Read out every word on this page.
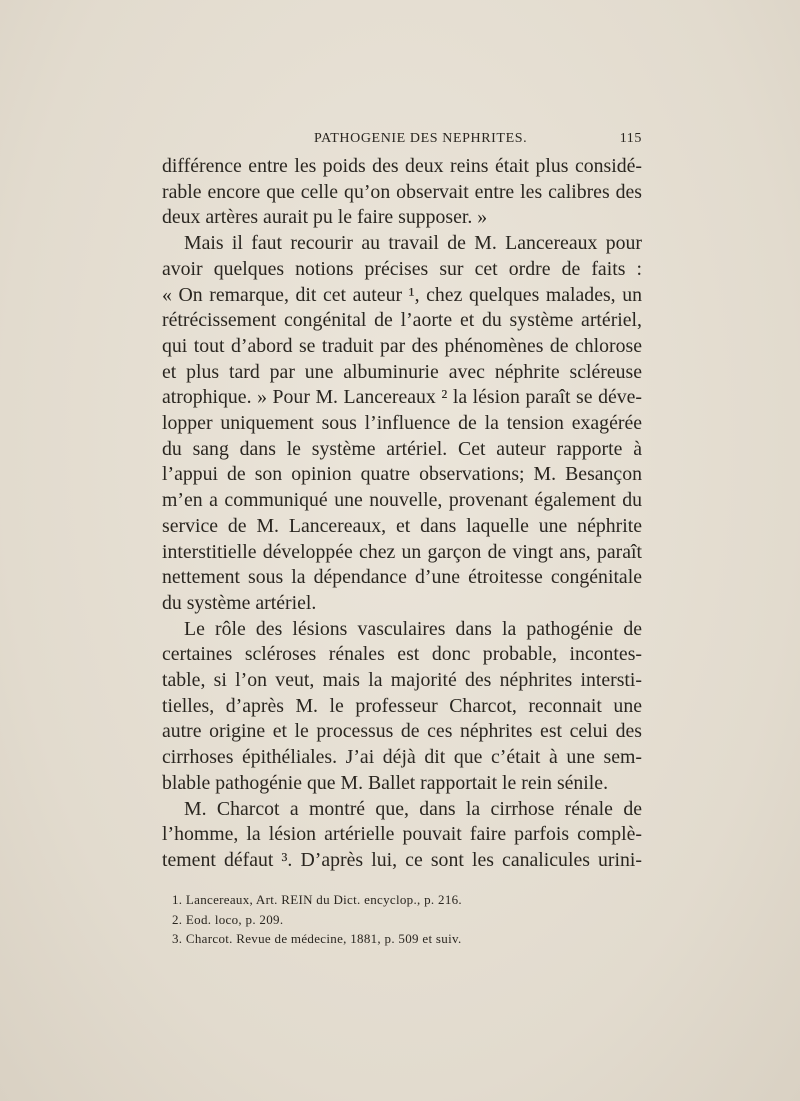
PATHOGENIE DES NEPHRITES.	115
différence entre les poids des deux reins était plus considé-
rable encore que celle qu’on observait entre les calibres des
deux artères aurait pu le faire supposer. »
Mais il faut recourir au travail de M. Lancereaux pour
avoir quelques notions précises sur cet ordre de faits :
« On remarque, dit cet auteur ¹, chez quelques malades, un
rétrécissement congénital de l’aorte et du système artériel,
qui tout d’abord se traduit par des phénomènes de chlorose
et plus tard par une albuminurie avec néphrite scléreuse
atrophique. » Pour M. Lancereaux ² la lésion paraît se déve-
lopper uniquement sous l’influence de la tension exagérée
du sang dans le système artériel. Cet auteur rapporte à
l’appui de son opinion quatre observations; M. Besançon
m’en a communiqué une nouvelle, provenant également du
service de M. Lancereaux, et dans laquelle une néphrite
interstitielle développée chez un garçon de vingt ans, paraît
nettement sous la dépendance d’une étroitesse congénitale
du système artériel.
Le rôle des lésions vasculaires dans la pathogénie de
certaines scléroses rénales est donc probable, incontes-
table, si l’on veut, mais la majorité des néphrites intersti-
tielles, d’après M. le professeur Charcot, reconnait une
autre origine et le processus de ces néphrites est celui des
cirrhoses épithéliales. J’ai déjà dit que c’était à une sem-
blable pathogénie que M. Ballet rapportait le rein sénile.
M. Charcot a montré que, dans la cirrhose rénale de
l’homme, la lésion artérielle pouvait faire parfois complè-
tement défaut ³. D’après lui, ce sont les canalicules urini-
1. Lancereaux, Art. REIN du Dict. encyclop., p. 216.
2. Eod. loco, p. 209.
3. Charcot. Revue de médecine, 1881, p. 509 et suiv.
